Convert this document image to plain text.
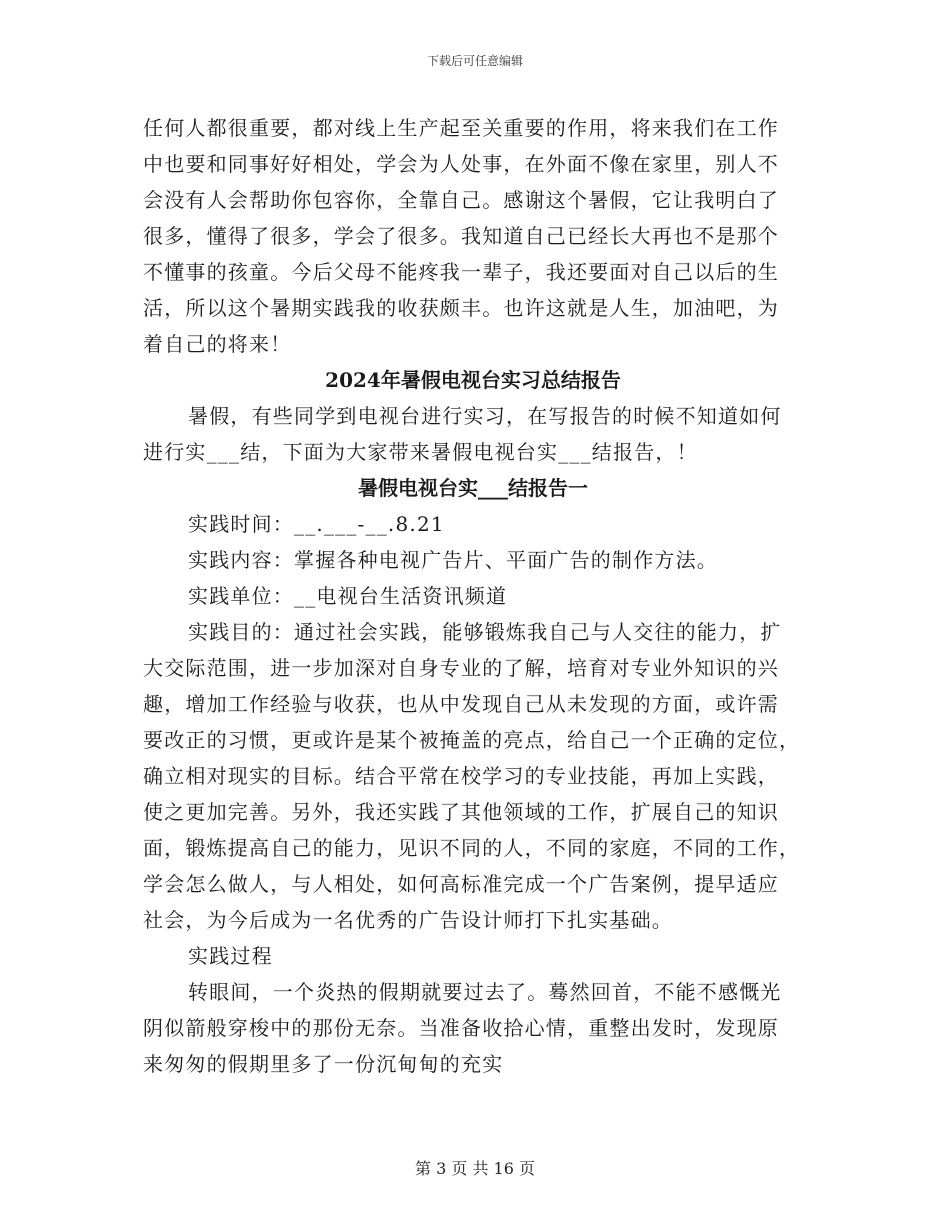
下载后可任意编辑
任何人都很重要，都对线上生产起至关重要的作用，将来我们在工作
中也要和同事好好相处，学会为人处事，在外面不像在家里，别人不
会没有人会帮助你包容你，全靠自己。感谢这个暑假，它让我明白了
很多，懂得了很多，学会了很多。我知道自己已经长大再也不是那个
不懂事的孩童。今后父母不能疼我一辈子，我还要面对自己以后的生
活，所以这个暑期实践我的收获颇丰。也许这就是人生，加油吧，为
着自己的将来！
2024年暑假电视台实习总结报告
暑假，有些同学到电视台进行实习，在写报告的时候不知道如何
进行实___结，下面为大家带来暑假电视台实___结报告，！
暑假电视台实___结报告一
实践时间：__.___-__.8.21
实践内容：掌握各种电视广告片、平面广告的制作方法。
实践单位：__电视台生活资讯频道
实践目的：通过社会实践，能够锻炼我自己与人交往的能力，扩
大交际范围，进一步加深对自身专业的了解，培育对专业外知识的兴
趣，增加工作经验与收获，也从中发现自己从未发现的方面，或许需
要改正的习惯，更或许是某个被掩盖的亮点，给自己一个正确的定位，
确立相对现实的目标。结合平常在校学习的专业技能，再加上实践，
使之更加完善。另外，我还实践了其他领域的工作，扩展自己的知识
面，锻炼提高自己的能力，见识不同的人，不同的家庭，不同的工作，
学会怎么做人，与人相处，如何高标准完成一个广告案例，提早适应
社会，为今后成为一名优秀的广告设计师打下扎实基础。
实践过程
转眼间，一个炎热的假期就要过去了。蓦然回首，不能不感慨光
阴似箭般穿梭中的那份无奈。当准备收拾心情，重整出发时，发现原
来匆匆的假期里多了一份沉甸甸的充实
第 3 页 共 16 页
